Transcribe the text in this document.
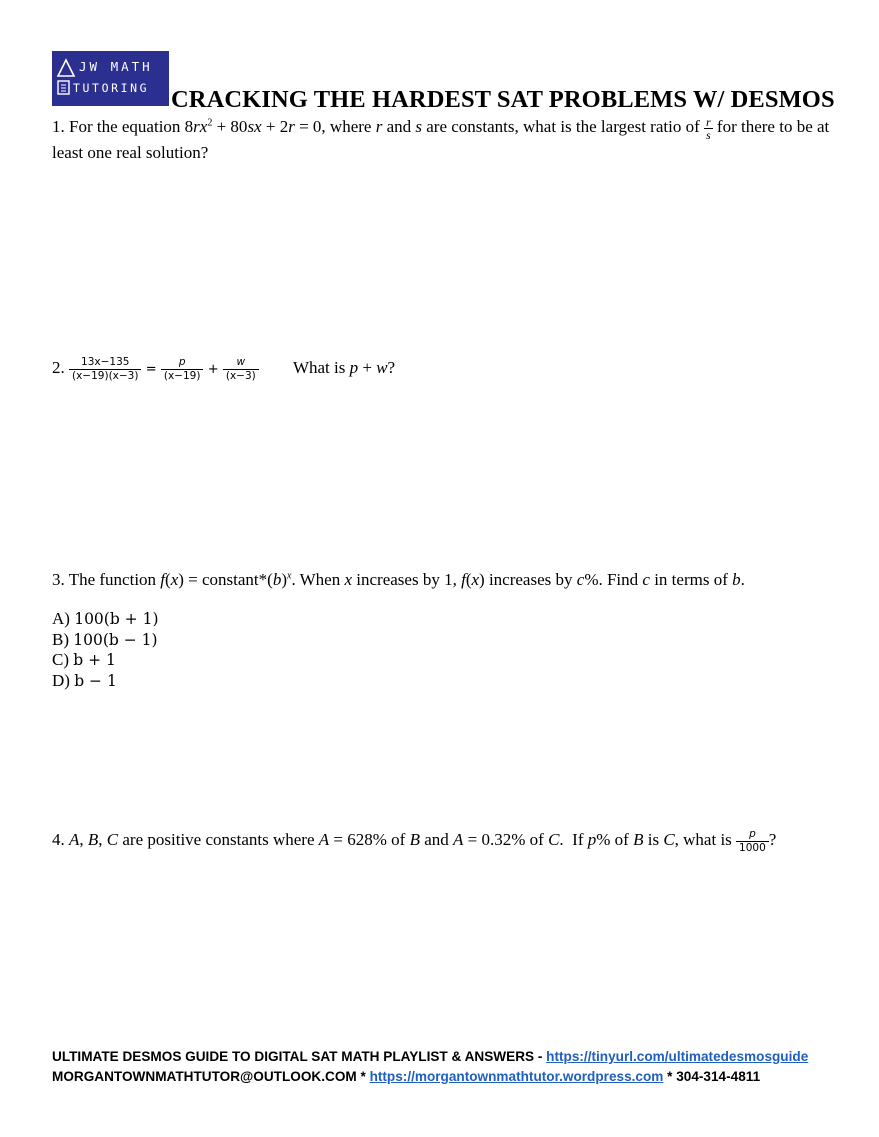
JW MATH
TUTORING CRACKING THE HARDEST SAT PROBLEMS W/ DESMOS
1. For the equation $8rx^2 + 80sx + 2r = 0$, where r and s are constants, what is the largest ratio of $\frac{r}{s}$ for there to be at least one real solution?
2. $\frac{13x-135}{(x-19)(x-3)} = \frac{p}{(x-19)} + \frac{w}{(x-3)}$ What is p + w?
3. The function $f(x) = constant*(b)^x$. When x increases by 1, f(x) increases by c%. Find c in terms of b.
A) 100(b + 1)
B) 100(b − 1)
C) b + 1
D) b − 1
4. A, B, C are positive constants where A = 628% of B and A = 0.32% of C.  If p% of B is C, what is $\frac{p}{1000}$ ?
ULTIMATE DESMOS GUIDE TO DIGITAL SAT MATH PLAYLIST & ANSWERS - https://tinyurl.com/ultimatedesmosguide
MORGANTOWNMATHTUTOR@OUTLOOK.COM * https://morgantownmathtutor.wordpress.com * 304-314-4811
